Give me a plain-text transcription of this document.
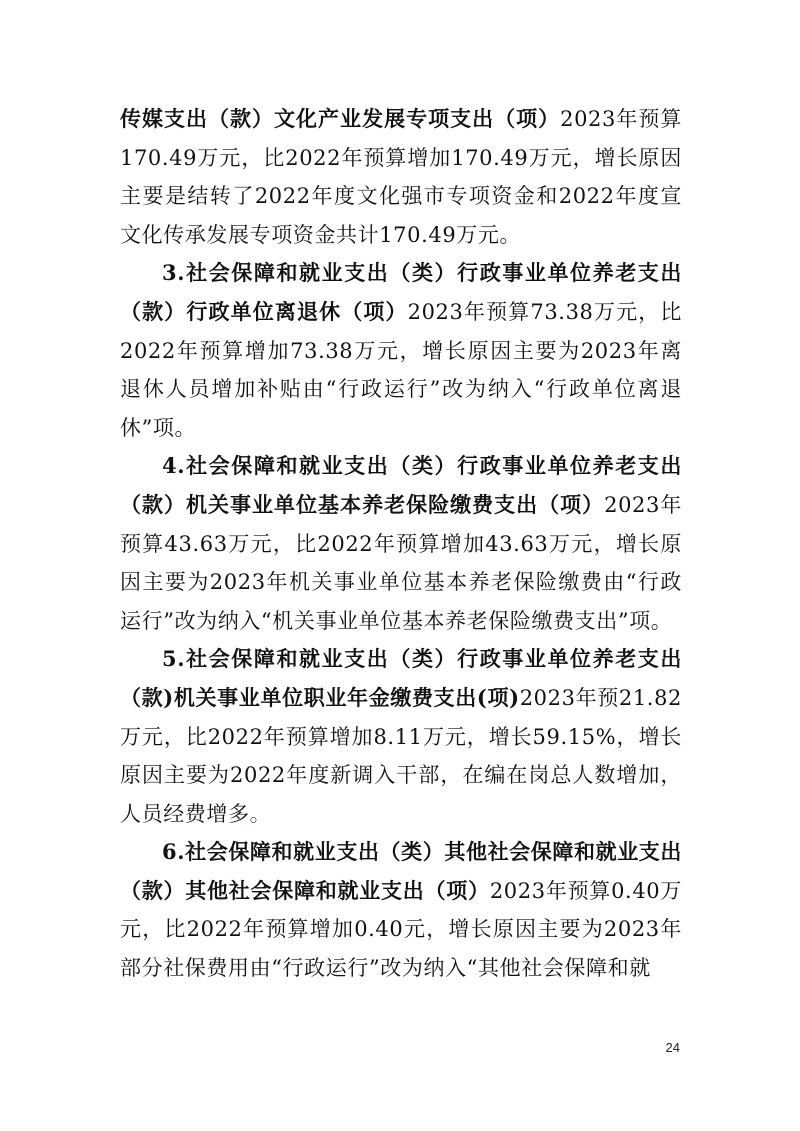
传媒支出（款）文化产业发展专项支出（项）2023年预算170.49万元，比2022年预算增加170.49万元，增长原因主要是结转了2022年度文化强市专项资金和2022年度宣文化传承发展专项资金共计170.49万元。

3.社会保障和就业支出（类）行政事业单位养老支出（款）行政单位离退休（项）2023年预算73.38万元，比2022年预算增加73.38万元，增长原因主要为2023年离退休人员增加补贴由“行政运行”改为纳入“行政单位离退休”项。

4.社会保障和就业支出（类）行政事业单位养老支出（款）机关事业单位基本养老保险缴费支出（项）2023年预算43.63万元，比2022年预算增加43.63万元，增长原因主要为2023年机关事业单位基本养老保险缴费由“行政运行”改为纳入“机关事业单位基本养老保险缴费支出”项。

5.社会保障和就业支出（类）行政事业单位养老支出（款)机关事业单位职业年金缴费支出(项)2023年预21.82万元，比2022年预算增加8.11万元，增长59.15%，增长原因主要为2022年度新调入干部，在编在岗总人数增加，人员经费增多。

6.社会保障和就业支出（类）其他社会保障和就业支出（款）其他社会保障和就业支出（项）2023年预算0.40万元，比2022年预算增加0.40元，增长原因主要为2023年部分社保费用由“行政运行”改为纳入“其他社会保障和就

24
